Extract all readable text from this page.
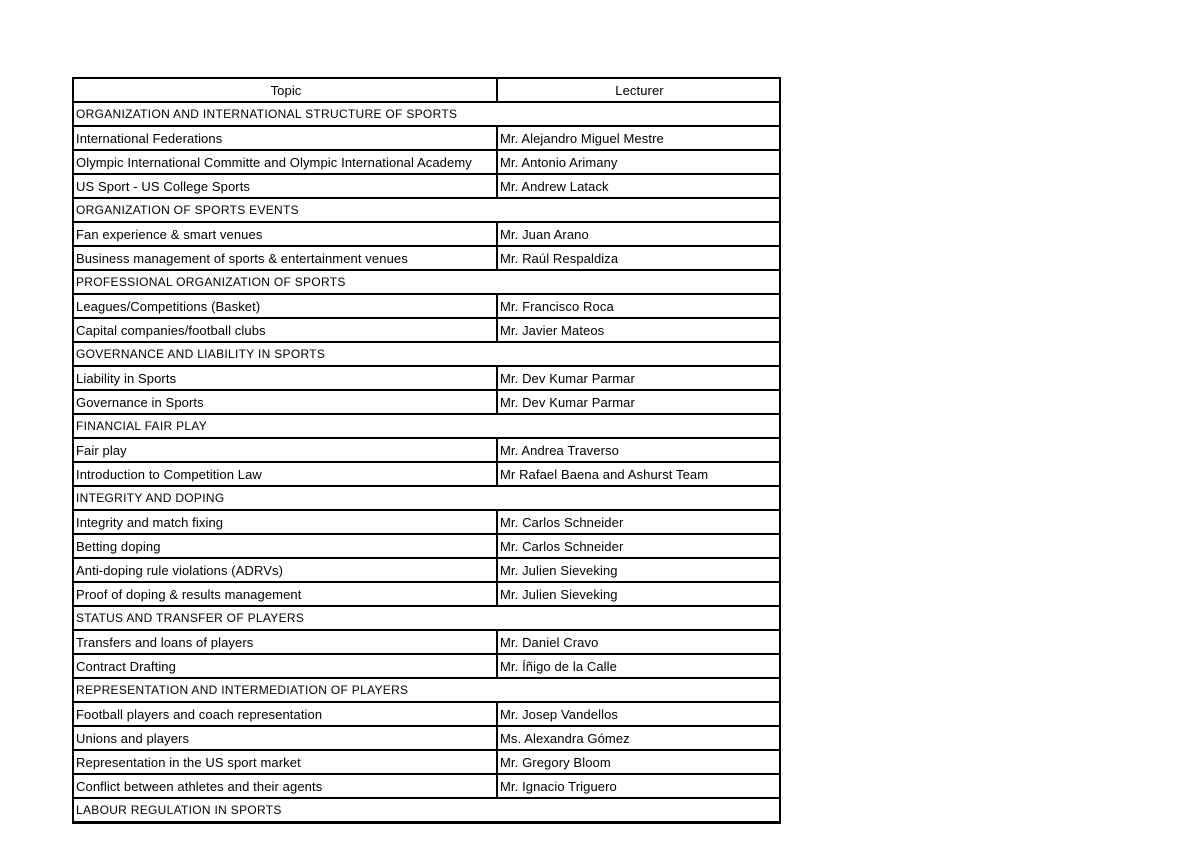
Topic	Lecturer
ORGANIZATION AND INTERNATIONAL STRUCTURE OF SPORTS	
International Federations	Mr. Alejandro Miguel Mestre
Olympic International Committe and Olympic International Academy	Mr. Antonio Arimany
US Sport - US College Sports	Mr. Andrew Latack
ORGANIZATION OF SPORTS EVENTS	
Fan experience & smart venues	Mr. Juan Arano
Business management of sports & entertainment venues	Mr. Raúl Respaldiza
PROFESSIONAL ORGANIZATION OF SPORTS	
Leagues/Competitions (Basket)	Mr. Francisco Roca
Capital companies/football clubs	Mr. Javier Mateos
GOVERNANCE AND LIABILITY IN SPORTS	
Liability in Sports	Mr. Dev Kumar Parmar
Governance in Sports	Mr. Dev Kumar Parmar
FINANCIAL FAIR PLAY	
Fair play	Mr. Andrea Traverso
Introduction to Competition Law	Mr Rafael Baena and Ashurst Team
INTEGRITY AND DOPING	
Integrity and match fixing	Mr. Carlos Schneider
Betting doping	Mr. Carlos Schneider
Anti-doping rule violations (ADRVs)	Mr. Julien Sieveking
Proof of doping & results management	Mr. Julien Sieveking
STATUS AND TRANSFER OF PLAYERS	
Transfers and loans of players	Mr. Daniel Cravo
Contract Drafting	Mr. Íñigo de la Calle
REPRESENTATION AND INTERMEDIATION OF PLAYERS	
Football players and coach representation	Mr. Josep Vandellos
Unions and players	Ms. Alexandra Gómez
Representation in the US sport market	Mr. Gregory Bloom
Conflict between athletes and their agents	Mr. Ignacio Triguero
LABOUR REGULATION IN SPORTS	
